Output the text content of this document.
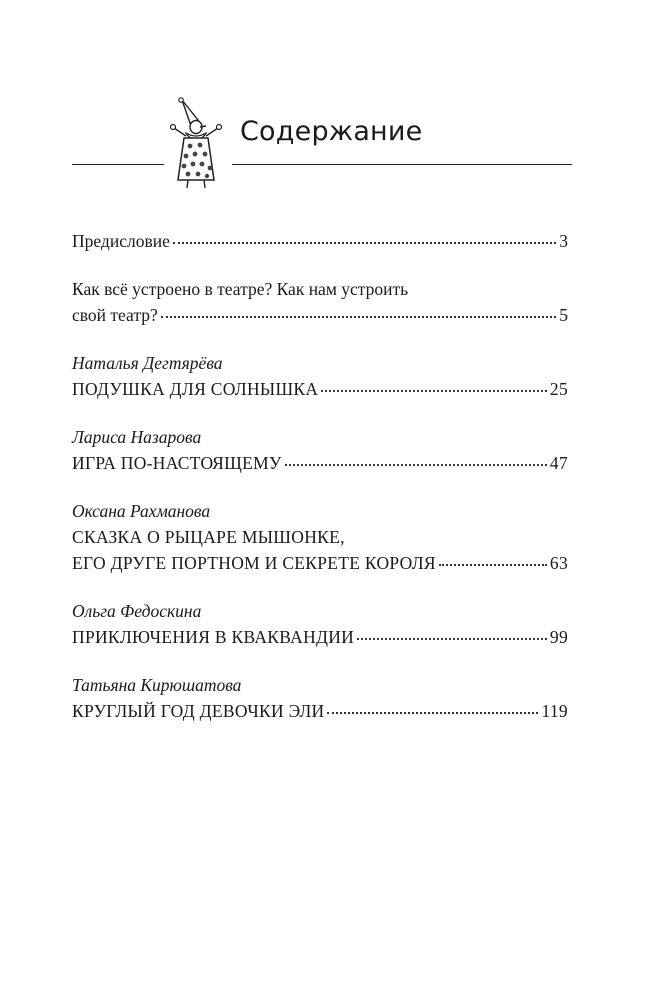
Содержание
Предисловие	3
Как всё устроено в театре? Как нам устроить
свой театр?	5
Наталья Дегтярёва
ПОДУШКА ДЛЯ СОЛНЫШКА	25
Лариса Назарова
ИГРА ПО-НАСТОЯЩЕМУ	47
Оксана Рахманова
СКАЗКА О РЫЦАРЕ МЫШОНКЕ,
ЕГО ДРУГЕ ПОРТНОМ И СЕКРЕТЕ КОРОЛЯ	63
Ольга Федоскина
ПРИКЛЮЧЕНИЯ В КВАКВАНДИИ	99
Татьяна Кирюшатова
КРУГЛЫЙ ГОД ДЕВОЧКИ ЭЛИ	119
